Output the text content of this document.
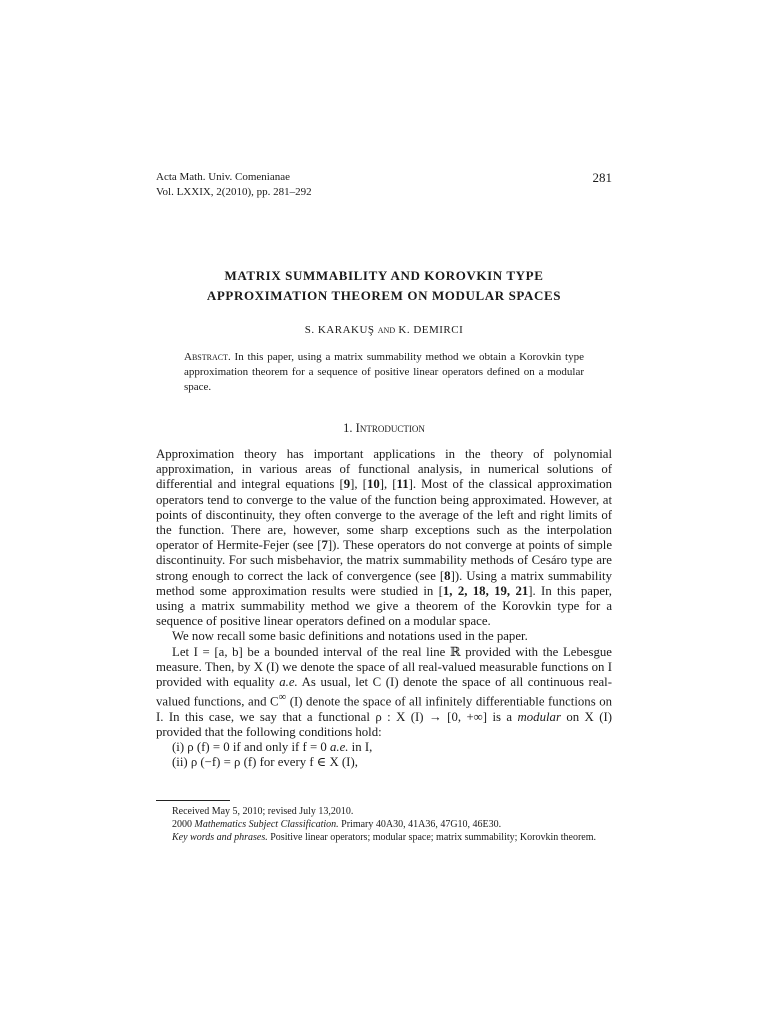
Acta Math. Univ. Comenianae
Vol. LXXIX, 2(2010), pp. 281–292
281
MATRIX SUMMABILITY AND KOROVKIN TYPE
APPROXIMATION THEOREM ON MODULAR SPACES
S. KARAKUŞ and K. DEMIRCI
Abstract. In this paper, using a matrix summability method we obtain a Korovkin type approximation theorem for a sequence of positive linear operators defined on a modular space.
1. Introduction

Approximation theory has important applications in the theory of polynomial approximation, in various areas of functional analysis, in numerical solutions of differential and integral equations [9], [10], [11]. Most of the classical approximation operators tend to converge to the value of the function being approximated. However, at points of discontinuity, they often converge to the average of the left and right limits of the function. There are, however, some sharp exceptions such as the interpolation operator of Hermite-Fejer (see [7]). These operators do not converge at points of simple discontinuity. For such misbehavior, the matrix summability methods of Cesáro type are strong enough to correct the lack of convergence (see [8]). Using a matrix summability method some approximation results were studied in [1, 2, 18, 19, 21]. In this paper, using a matrix summability method we give a theorem of the Korovkin type for a sequence of positive linear operators defined on a modular space.

We now recall some basic definitions and notations used in the paper.

Let I = [a, b] be a bounded interval of the real line ℝ provided with the Lebesgue measure. Then, by X (I) we denote the space of all real-valued measurable functions on I provided with equality a.e. As usual, let C (I) denote the space of all continuous real-valued functions, and C∞ (I) denote the space of all infinitely differentiable functions on I. In this case, we say that a functional ρ : X (I) → [0, +∞] is a modular on X (I) provided that the following conditions hold:

(i) ρ (f) = 0 if and only if f = 0 a.e. in I,

(ii) ρ (−f) = ρ (f) for every f ∈ X (I),

Received May 5, 2010; revised July 13,2010.

2000 Mathematics Subject Classification. Primary 40A30, 41A36, 47G10, 46E30.

Key words and phrases. Positive linear operators; modular space; matrix summability; Korovkin theorem.
